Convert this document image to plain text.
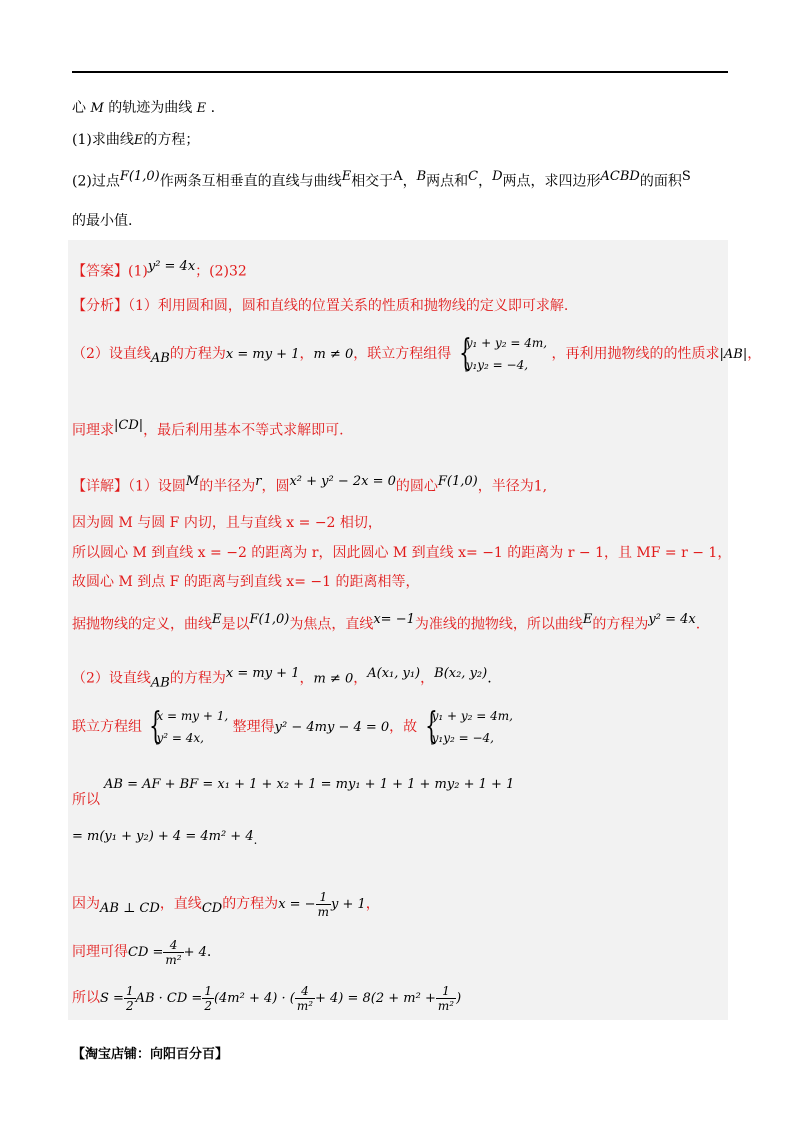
心 M 的轨迹为曲线 E .
(1)求曲线E的方程；
(2)过点$^{F(1,0)}$作两条互相垂直的直线与曲线$^E$相交于$^A$，$^B$两点和$^C$，$^D$两点，求四边形$^{ACBD}$的面积$^S$
的最小值.
【答案】$(1)^{y^2 = 4x}$；(2)32
【分析】（1）利用圆和圆，圆和直线的位置关系的性质和抛物线的定义即可求解.
（2）设直线$_{AB}$的方程为x = my + 1，m ≠ 0，联立方程组得
{ y₁ + y₂ = 4m,
y₁y₂ = −4,
，再利用抛物线的的性质求|AB|，
同理求$^{|CD|}$，最后利用基本不等式求解即可.
【详解】（1）设圆$^M$的半径为$^r$，圆$^{x^2 + y^2 - 2x = 0}$的圆心$^{F(1,0)}$，半径为1,
因为圆 M 与圆 F 内切，且与直线 x = −2 相切，
所以圆心 M 到直线 x = −2 的距离为 r，因此圆心 M 到直线 x= −1 的距离为 r − 1，且 MF = r − 1，
故圆心 M 到点 F 的距离与到直线 x= −1 的距离相等，
据抛物线的定义，曲线$^E$是以$^{F(1,0)}$为焦点，直线$^{x= -1}$为准线的抛物线，所以曲线$^E$的方程为$^{y^2 = 4x}$.
（2）设直线$_{AB}$的方程为$^{x = my + 1}$，m ≠ 0，$^{A(x_1, y_1)}$，$^{B(x_2, y_2)}$.
联立方程组
{ x = my + 1,
y² = 4x,
整理得y² − 4my − 4 = 0，故
{ y₁ + y₂ = 4m,
y₁y₂ = −4,
AB = AF + BF = x₁ + 1 + x₂ + 1 = my₁ + 1 + 1 + my₂ + 1 + 1
所以
= $m(y_1 + y_2) + 4 = 4m^2 + 4_.$
因为$_{AB \perp CD}$，直线$_{CD}$的方程为x = − $\frac{1}{m}$ y + 1，
同理可得CD = $\frac{4}{\text{m²}} + 4$.
所以$S = \frac{1}{2}$ AB · CD = $\frac{1}{2} (4m^2 + 4)$ · ( $\frac{4}{\text{m²}} + 4) = 8(2 + m^2 + \frac{1}{\text{m²}}$ )
【淘宝店铺：向阳百分百】
